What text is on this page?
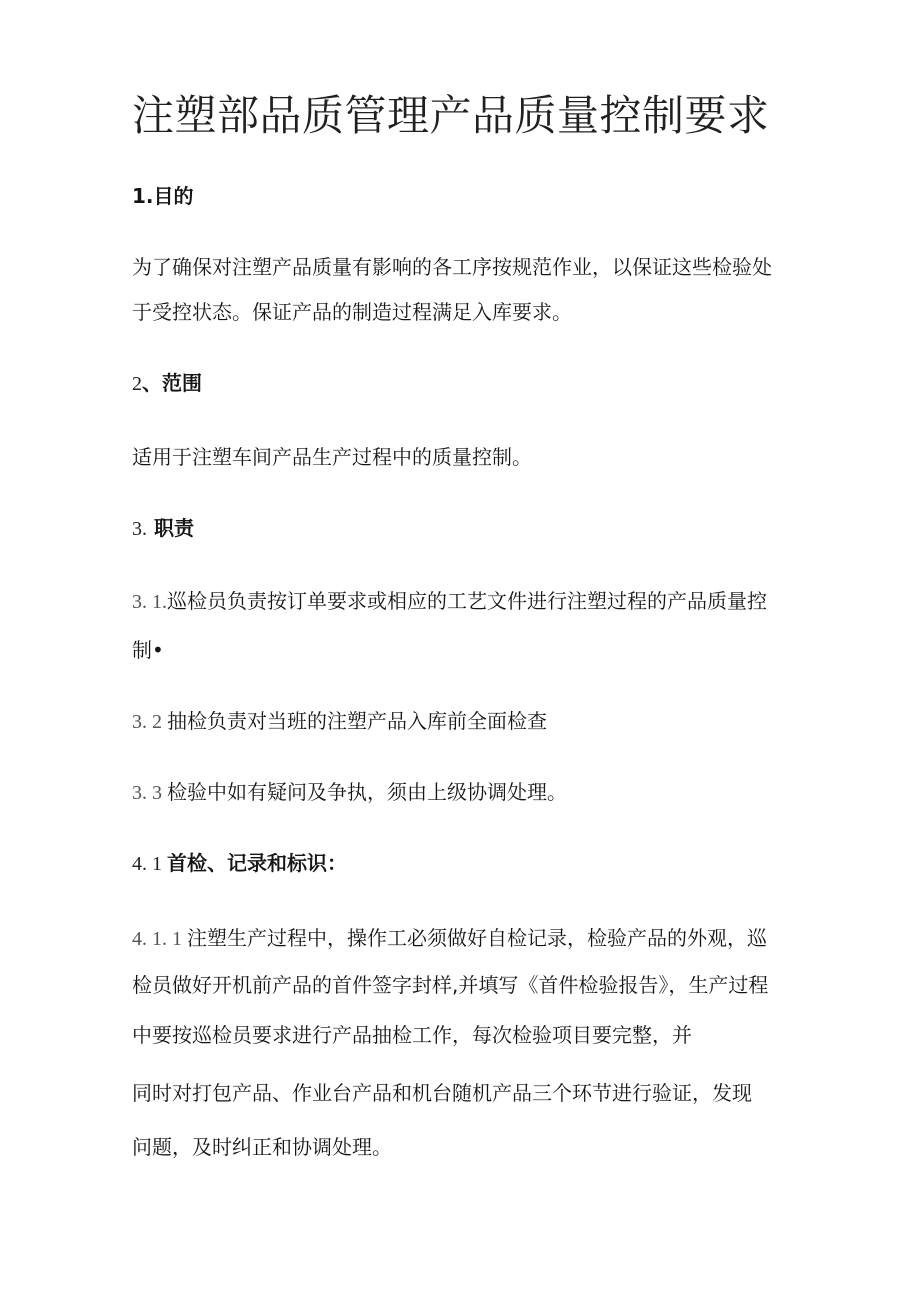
注塑部品质管理产品质量控制要求
1.目的
为了确保对注塑产品质量有影响的各工序按规范作业，以保证这些检验处
于受控状态。保证产品的制造过程满足入库要求。
2、范围
适用于注塑车间产品生产过程中的质量控制。
3. 职责
3. 1.巡检员负责按订单要求或相应的工艺文件进行注塑过程的产品质量控
制•
3. 2 抽检负责对当班的注塑产品入库前全面检查
3. 3 检验中如有疑问及争执，须由上级协调处理。
4. 1 首检、记录和标识：
4. 1. 1 注塑生产过程中，操作工必须做好自检记录，检验产品的外观，巡
检员做好开机前产品的首件签字封样,并填写《首件检验报告》，生产过程
中要按巡检员要求进行产品抽检工作，每次检验项目要完整，并
同时对打包产品、作业台产品和机台随机产品三个环节进行验证，发现
问题，及时纠正和协调处理。
